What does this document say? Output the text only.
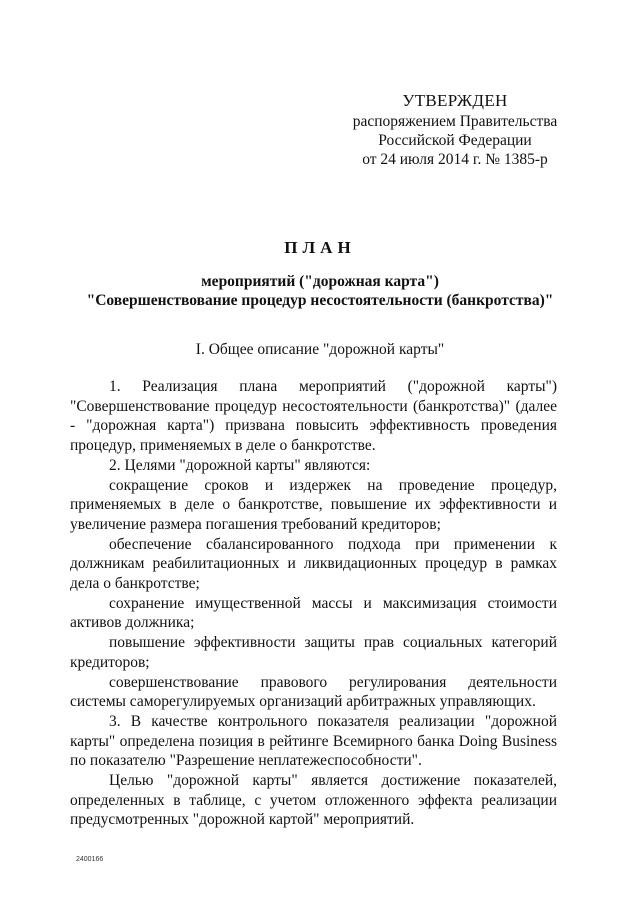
УТВЕРЖДЕН
распоряжением Правительства
Российской Федерации
от 24 июля 2014 г. № 1385-р
ПЛАН
мероприятий ("дорожная карта")
"Совершенствование процедур несостоятельности (банкротства)"
I. Общее описание "дорожной карты"

1. Реализация плана мероприятий ("дорожной карты") "Совершенствование процедур несостоятельности (банкротства)" (далее - "дорожная карта") призвана повысить эффективность проведения процедур, применяемых в деле о банкротстве.

2. Целями "дорожной карты" являются:

сокращение сроков и издержек на проведение процедур, применяемых в деле о банкротстве, повышение их эффективности и увеличение размера погашения требований кредиторов;

обеспечение сбалансированного подхода при применении к должникам реабилитационных и ликвидационных процедур в рамках дела о банкротстве;

сохранение имущественной массы и максимизация стоимости активов должника;

повышение эффективности защиты прав социальных категорий кредиторов;

совершенствование правового регулирования деятельности системы саморегулируемых организаций арбитражных управляющих.

3. В качестве контрольного показателя реализации "дорожной карты" определена позиция в рейтинге Всемирного банка Doing Business по показателю "Разрешение неплатежеспособности".

Целью "дорожной карты" является достижение показателей, определенных в таблице, с учетом отложенного эффекта реализации предусмотренных "дорожной картой" мероприятий.

2400166
